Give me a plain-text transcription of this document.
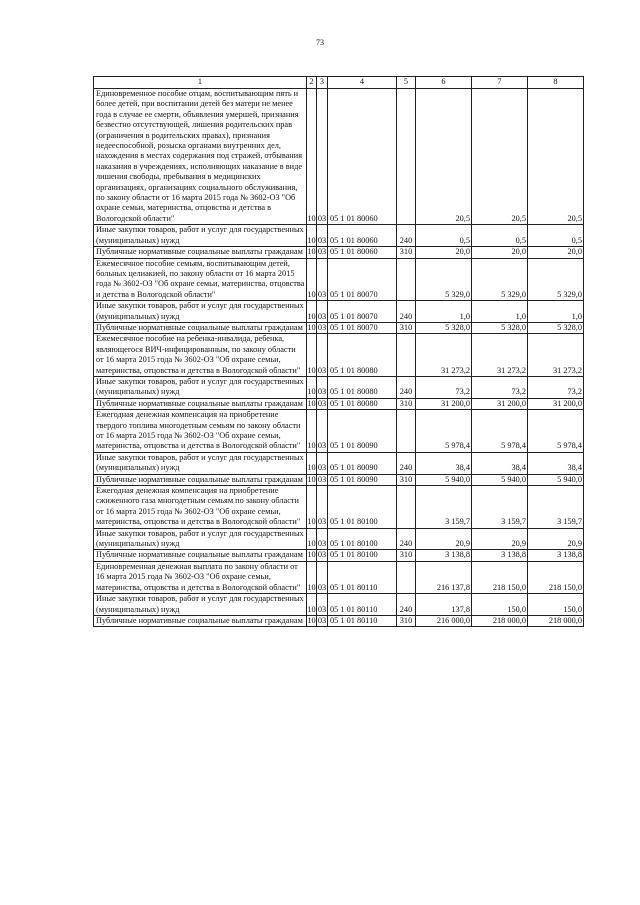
73
1	2	3	4	5	6	7	8
Единовременное пособие отцам, воспитывающим пять и более детей, при воспитании детей без матери не менее года в случае ее смерти, объявления умершей, признания безвестно отсутствующей, лишения родительских прав (ограничения в родительских правах), признания недееспособной, розыска органами внутренних дел, нахождения в местах содержания под стражей, отбывания наказания в учреждениях, исполняющих наказание в виде лишения свободы, пребывания в медицинских организациях, организациях социального обслуживания, по закону области от 16 марта 2015 года № 3602-ОЗ "Об охране семьи, материнства, отцовства и детства в Вологодской области"	10	03	05 1 01 80060		20,5	20,5	20,5
Иные закупки товаров, работ и услуг для государственных (муниципальных) нужд	10	03	05 1 01 80060	240	0,5	0,5	0,5
Публичные нормативные социальные выплаты гражданам	10	03	05 1 01 80060	310	20,0	20,0	20,0
Ежемесячное пособие семьям, воспитывающим детей, больных целиакией, по закону области от 16 марта 2015 года № 3602-ОЗ "Об охране семьи, материнства, отцовства и детства в Вологодской области"	10	03	05 1 01 80070		5 329,0	5 329,0	5 329,0
Иные закупки товаров, работ и услуг для государственных (муниципальных) нужд	10	03	05 1 01 80070	240	1,0	1,0	1,0
Публичные нормативные социальные выплаты гражданам	10	03	05 1 01 80070	310	5 328,0	5 328,0	5 328,0
Ежемесячное пособие на ребенка-инвалида, ребенка, являющегося ВИЧ-инфицированным, по закону области от 16 марта 2015 года № 3602-ОЗ "Об охране семьи, материнства, отцовства и детства в Вологодской области"	10	03	05 1 01 80080		31 273,2	31 273,2	31 273,2
Иные закупки товаров, работ и услуг для государственных (муниципальных) нужд	10	03	05 1 01 80080	240	73,2	73,2	73,2
Публичные нормативные социальные выплаты гражданам	10	03	05 1 01 80080	310	31 200,0	31 200,0	31 200,0
Ежегодная денежная компенсация на приобретение твердого топлива многодетным семьям по закону области от 16 марта 2015 года № 3602-ОЗ "Об охране семьи, материнства, отцовства и детства в Вологодской области"	10	03	05 1 01 80090		5 978,4	5 978,4	5 978,4
Иные закупки товаров, работ и услуг для государственных (муниципальных) нужд	10	03	05 1 01 80090	240	38,4	38,4	38,4
Публичные нормативные социальные выплаты гражданам	10	03	05 1 01 80090	310	5 940,0	5 940,0	5 940,0
Ежегодная денежная компенсация на приобретение сжиженного газа многодетным семьям по закону области от 16 марта 2015 года № 3602-ОЗ "Об охране семьи, материнства, отцовства и детства в Вологодской области"	10	03	05 1 01 80100		3 159,7	3 159,7	3 159,7
Иные закупки товаров, работ и услуг для государственных (муниципальных) нужд	10	03	05 1 01 80100	240	20,9	20,9	20,9
Публичные нормативные социальные выплаты гражданам	10	03	05 1 01 80100	310	3 138,8	3 138,8	3 138,8
Единовременная денежная выплата по закону области от 16 марта 2015 года № 3602-ОЗ "Об охране семьи, материнства, отцовства и детства в Вологодской области"	10	03	05 1 01 80110		216 137,8	218 150,0	218 150,0
Иные закупки товаров, работ и услуг для государственных (муниципальных) нужд	10	03	05 1 01 80110	240	137,8	150,0	150,0
Публичные нормативные социальные выплаты гражданам	10	03	05 1 01 80110	310	216 000,0	218 000,0	218 000,0
